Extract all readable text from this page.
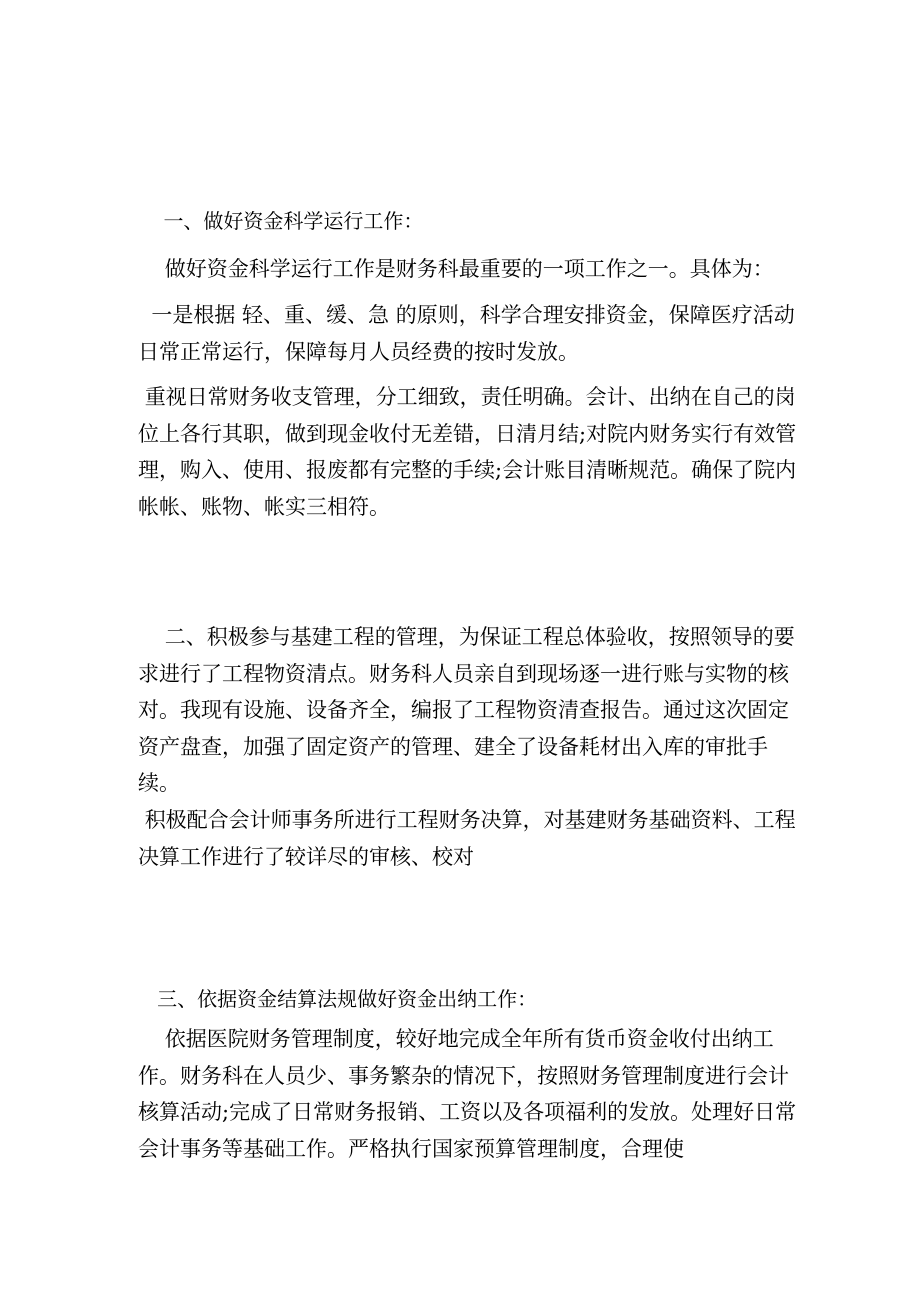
一、做好资金科学运行工作：

做好资金科学运行工作是财务科最重要的一项工作之一。具体为：

一是根据 轻、重、缓、急 的原则，科学合理安排资金，保障医疗活动日常正常运行，保障每月人员经费的按时发放。

重视日常财务收支管理，分工细致，责任明确。会计、出纳在自己的岗位上各行其职，做到现金收付无差错，日清月结;对院内财务实行有效管理，购入、使用、报废都有完整的手续;会计账目清晰规范。确保了院内帐帐、账物、帐实三相符。

二、积极参与基建工程的管理，为保证工程总体验收，按照领导的要求进行了工程物资清点。财务科人员亲自到现场逐一进行账与实物的核对。我现有设施、设备齐全，编报了工程物资清查报告。通过这次固定资产盘查，加强了固定资产的管理、建全了设备耗材出入库的审批手续。

积极配合会计师事务所进行工程财务决算，对基建财务基础资料、工程决算工作进行了较详尽的审核、校对

三、依据资金结算法规做好资金出纳工作：

依据医院财务管理制度，较好地完成全年所有货币资金收付出纳工作。财务科在人员少、事务繁杂的情况下，按照财务管理制度进行会计核算活动;完成了日常财务报销、工资以及各项福利的发放。处理好日常会计事务等基础工作。严格执行国家预算管理制度，合理使
